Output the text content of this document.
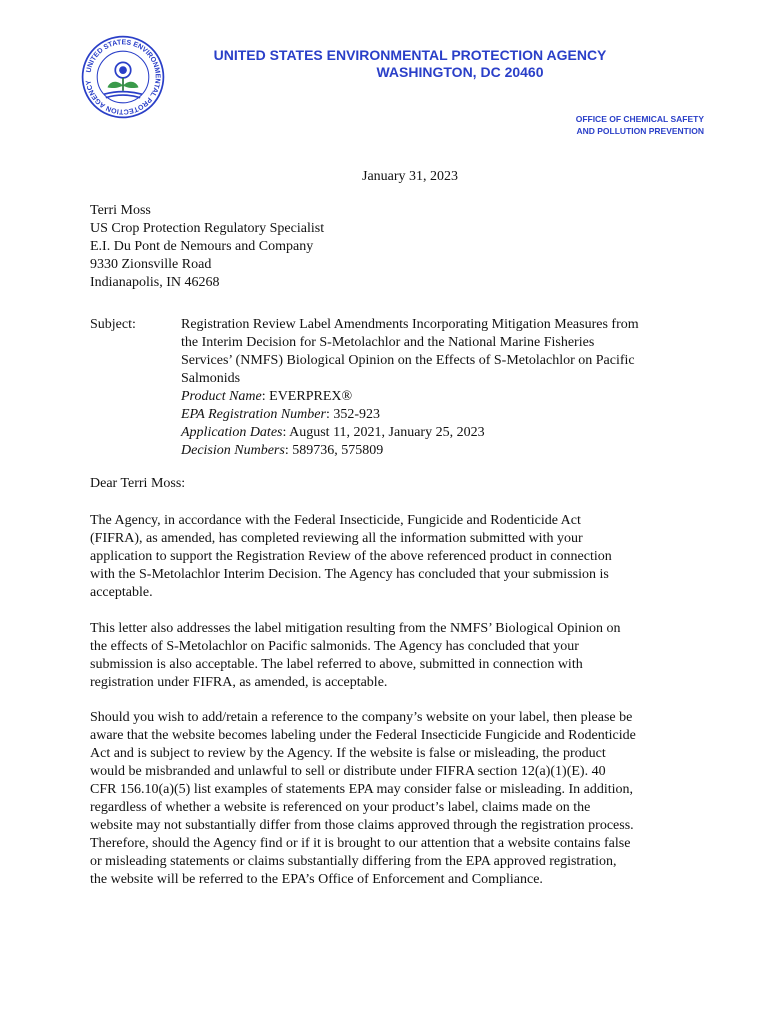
UNITED STATES ENVIRONMENTAL PROTECTION AGENCY
UNITED STATES ENVIRONMENTAL PROTECTION AGENCY
WASHINGTON, DC 20460
OFFICE OF CHEMICAL SAFETY
AND POLLUTION PREVENTION
January 31, 2023
Terri Moss
US Crop Protection Regulatory Specialist
E.I. Du Pont de Nemours and Company
9330 Zionsville Road
Indianapolis, IN 46268
Subject:	Registration Review Label Amendments Incorporating Mitigation Measures from
the Interim Decision for S-Metolachlor and the National Marine Fisheries
Services’ (NMFS) Biological Opinion on the Effects of S-Metolachlor on Pacific
Salmonids
Product Name: EVERPREX®
EPA Registration Number: 352-923
Application Dates: August 11, 2021, January 25, 2023
Decision Numbers: 589736, 575809
Dear Terri Moss:
The Agency, in accordance with the Federal Insecticide, Fungicide and Rodenticide Act
(FIFRA), as amended, has completed reviewing all the information submitted with your
application to support the Registration Review of the above referenced product in connection
with the S-Metolachlor Interim Decision. The Agency has concluded that your submission is
acceptable.
This letter also addresses the label mitigation resulting from the NMFS’ Biological Opinion on
the effects of S-Metolachlor on Pacific salmonids. The Agency has concluded that your
submission is also acceptable. The label referred to above, submitted in connection with
registration under FIFRA, as amended, is acceptable.
Should you wish to add/retain a reference to the company’s website on your label, then please be
aware that the website becomes labeling under the Federal Insecticide Fungicide and Rodenticide
Act and is subject to review by the Agency. If the website is false or misleading, the product
would be misbranded and unlawful to sell or distribute under FIFRA section 12(a)(1)(E). 40
CFR 156.10(a)(5) list examples of statements EPA may consider false or misleading. In addition,
regardless of whether a website is referenced on your product’s label, claims made on the
website may not substantially differ from those claims approved through the registration process.
Therefore, should the Agency find or if it is brought to our attention that a website contains false
or misleading statements or claims substantially differing from the EPA approved registration,
the website will be referred to the EPA’s Office of Enforcement and Compliance.
